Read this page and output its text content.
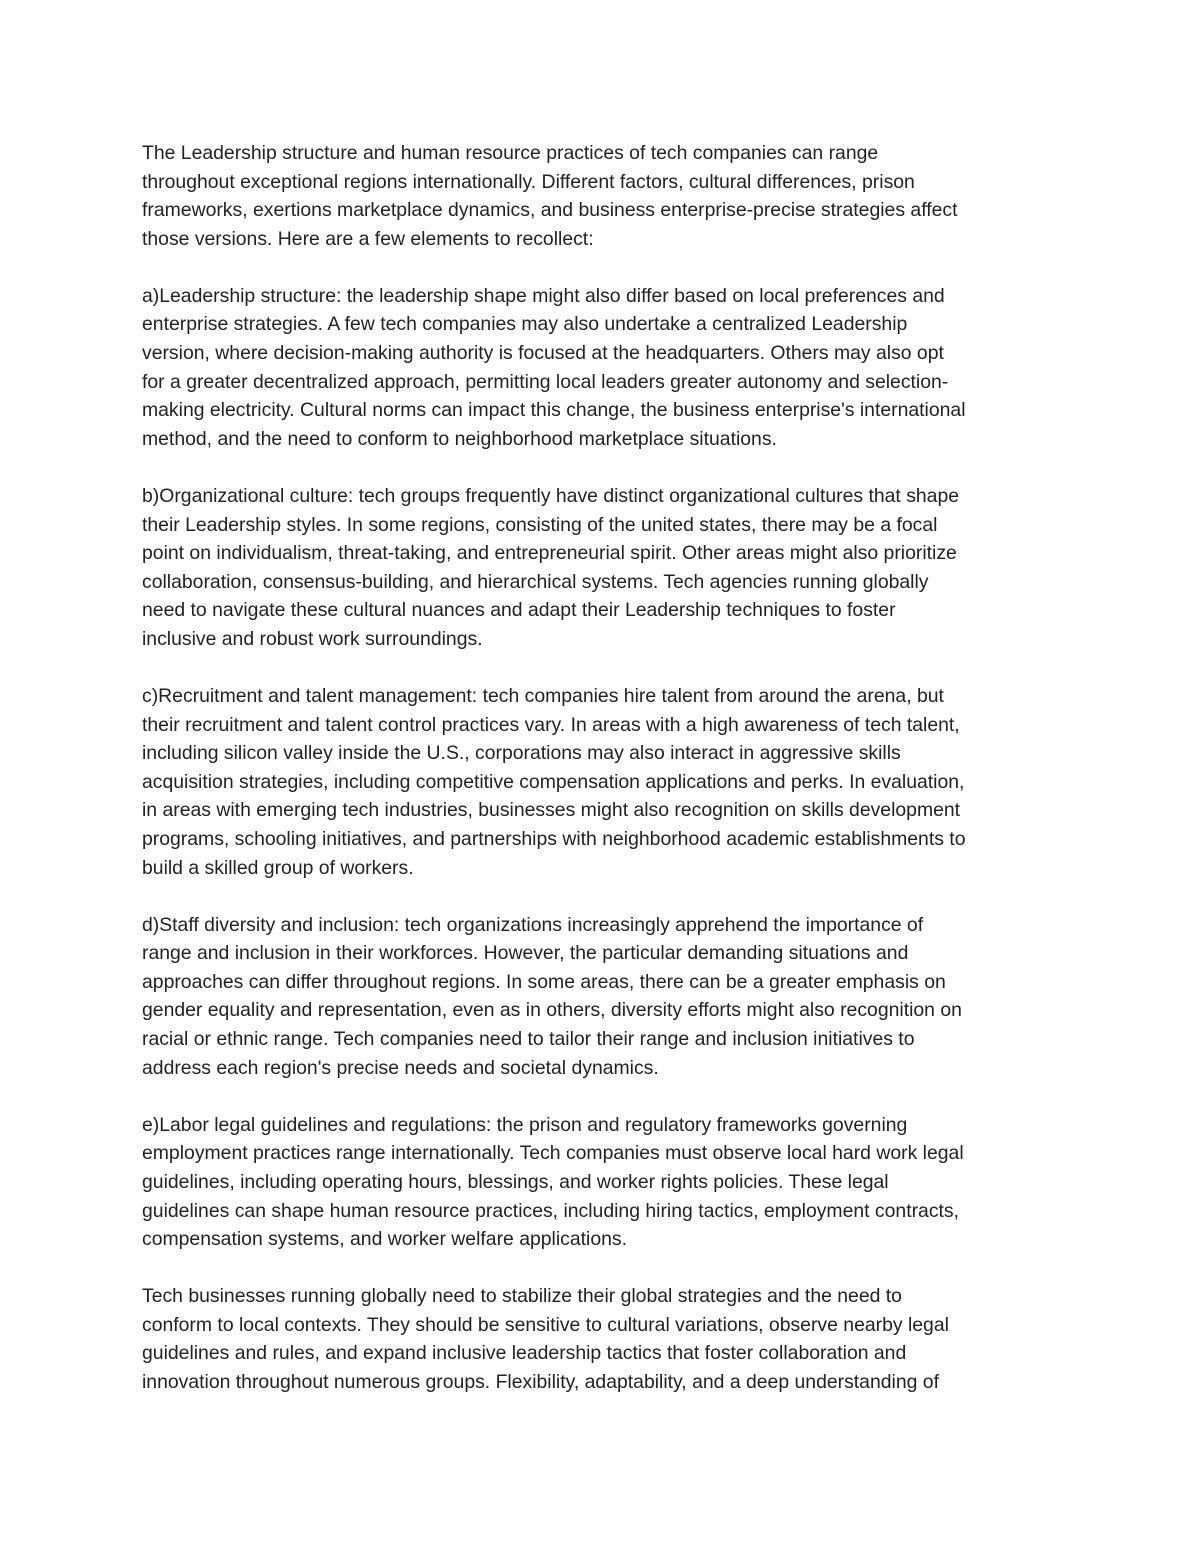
The Leadership structure and human resource practices of tech companies can range
throughout exceptional regions internationally. Different factors, cultural differences, prison
frameworks, exertions marketplace dynamics, and business enterprise-precise strategies affect
those versions. Here are a few elements to recollect:

a)Leadership structure: the leadership shape might also differ based on local preferences and
enterprise strategies. A few tech companies may also undertake a centralized Leadership
version, where decision-making authority is focused at the headquarters. Others may also opt
for a greater decentralized approach, permitting local leaders greater autonomy and selection-
making electricity. Cultural norms can impact this change, the business enterprise's international
method, and the need to conform to neighborhood marketplace situations.

b)Organizational culture: tech groups frequently have distinct organizational cultures that shape
their Leadership styles. In some regions, consisting of the united states, there may be a focal
point on individualism, threat-taking, and entrepreneurial spirit. Other areas might also prioritize
collaboration, consensus-building, and hierarchical systems. Tech agencies running globally
need to navigate these cultural nuances and adapt their Leadership techniques to foster
inclusive and robust work surroundings.

c)Recruitment and talent management: tech companies hire talent from around the arena, but
their recruitment and talent control practices vary. In areas with a high awareness of tech talent,
including silicon valley inside the U.S., corporations may also interact in aggressive skills
acquisition strategies, including competitive compensation applications and perks. In evaluation,
in areas with emerging tech industries, businesses might also recognition on skills development
programs, schooling initiatives, and partnerships with neighborhood academic establishments to
build a skilled group of workers.

d)Staff diversity and inclusion: tech organizations increasingly apprehend the importance of
range and inclusion in their workforces. However, the particular demanding situations and
approaches can differ throughout regions. In some areas, there can be a greater emphasis on
gender equality and representation, even as in others, diversity efforts might also recognition on
racial or ethnic range. Tech companies need to tailor their range and inclusion initiatives to
address each region's precise needs and societal dynamics.

e)Labor legal guidelines and regulations: the prison and regulatory frameworks governing
employment practices range internationally. Tech companies must observe local hard work legal
guidelines, including operating hours, blessings, and worker rights policies. These legal
guidelines can shape human resource practices, including hiring tactics, employment contracts,
compensation systems, and worker welfare applications.

Tech businesses running globally need to stabilize their global strategies and the need to
conform to local contexts. They should be sensitive to cultural variations, observe nearby legal
guidelines and rules, and expand inclusive leadership tactics that foster collaboration and
innovation throughout numerous groups. Flexibility, adaptability, and a deep understanding of
